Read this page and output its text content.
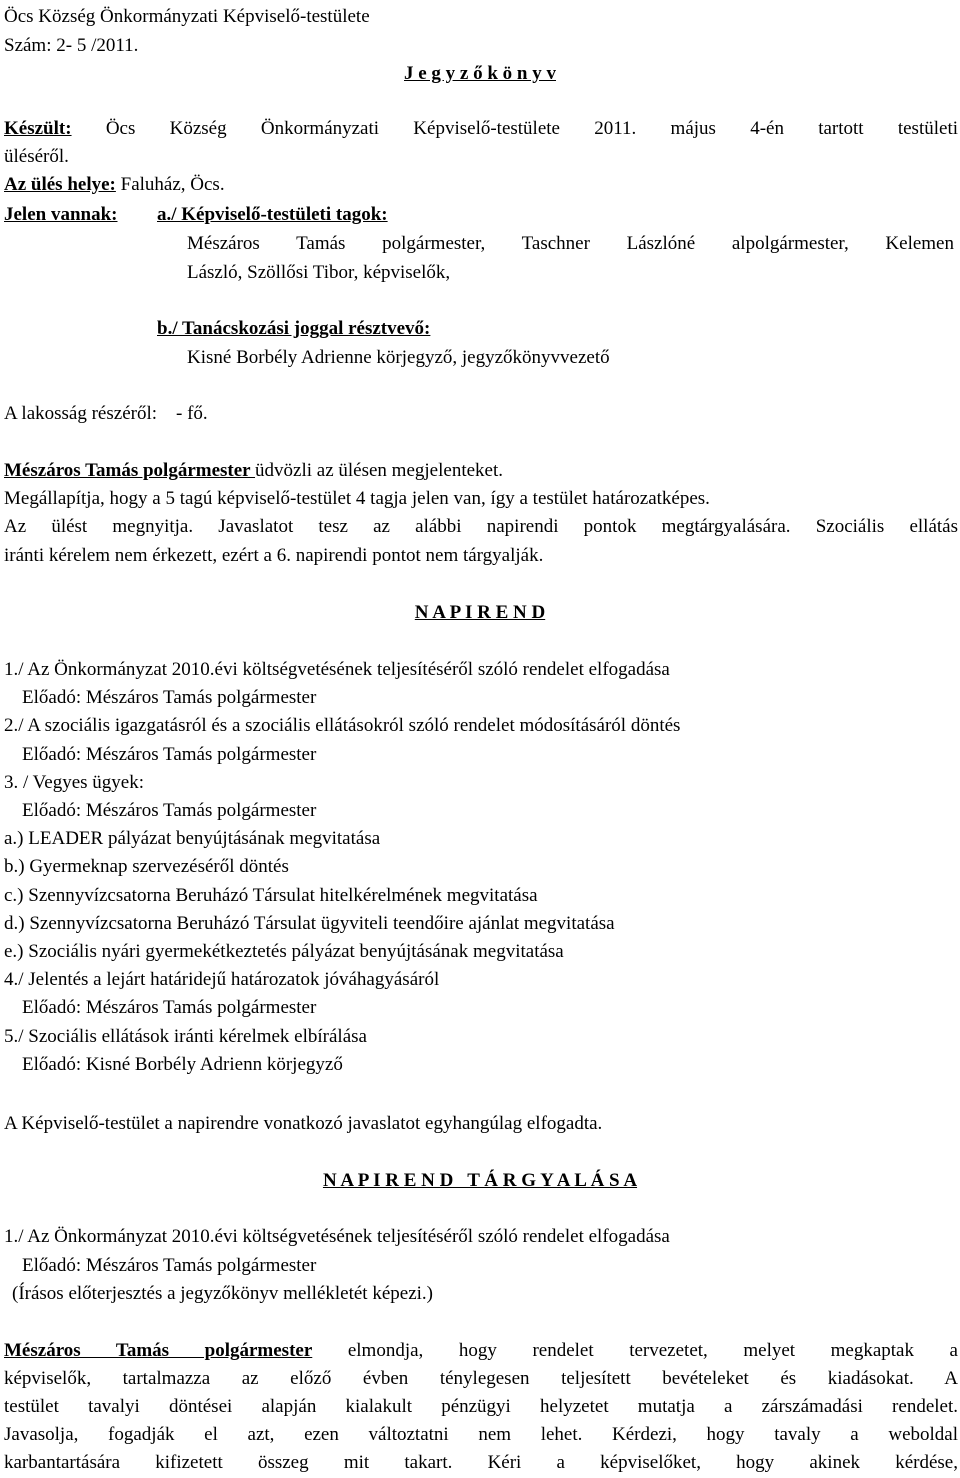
Öcs Község Önkormányzati Képviselő-testülete
Szám: 2- 5 /2011.
J e g y z ő k ö n y v
Készült: Öcs Község Önkormányzati Képviselő-testülete 2011. május 4-én tartott testületi
üléséről.
Az ülés helye: Faluház, Öcs.
Jelen vannak: a./ Képviselő-testületi tagok:
Mészáros Tamás polgármester, Taschner Lászlóné alpolgármester, Kelemen
László, Szöllősi Tibor, képviselők,
b./ Tanácskozási joggal résztvevő:
Kisné Borbély Adrienne körjegyző, jegyzőkönyvvezető
A lakosság részéről:    - fő.
Mészáros Tamás polgármester üdvözli az ülésen megjelenteket.
Megállapítja, hogy a 5 tagú képviselő-testület 4 tagja jelen van, így a testület határozatképes.
Az ülést megnyitja. Javaslatot tesz az alábbi napirendi pontok megtárgyalására. Szociális ellátás
iránti kérelem nem érkezett, ezért a 6. napirendi pontot nem tárgyalják.
N A P I R E N D
1./ Az Önkormányzat 2010.évi költségvetésének teljesítéséről szóló rendelet elfogadása
Előadó: Mészáros Tamás polgármester
2./ A szociális igazgatásról és a szociális ellátásokról szóló rendelet módosításáról döntés
Előadó: Mészáros Tamás polgármester
3. / Vegyes ügyek:
Előadó: Mészáros Tamás polgármester
a.) LEADER pályázat benyújtásának megvitatása
b.) Gyermeknap szervezéséről döntés
c.) Szennyvízcsatorna Beruházó Társulat hitelkérelmének megvitatása
d.) Szennyvízcsatorna Beruházó Társulat ügyviteli teendőire ajánlat megvitatása
e.) Szociális nyári gyermekétkeztetés pályázat benyújtásának megvitatása
4./ Jelentés a lejárt határidejű határozatok jóváhagyásáról
Előadó: Mészáros Tamás polgármester
5./ Szociális ellátások iránti kérelmek elbírálása
Előadó: Kisné Borbély Adrienn körjegyző
A Képviselő-testület a napirendre vonatkozó javaslatot egyhangúlag elfogadta.
N A P I R E N D   T Á R G Y A L Á S A
1./ Az Önkormányzat 2010.évi költségvetésének teljesítéséről szóló rendelet elfogadása
Előadó: Mészáros Tamás polgármester
(Írásos előterjesztés a jegyzőkönyv mellékletét képezi.)
Mészáros Tamás polgármester elmondja, hogy rendelet tervezetet, melyet megkaptak a
képviselők, tartalmazza az előző évben ténylegesen teljesített bevételeket és kiadásokat. A
testület tavalyi döntései alapján kialakult pénzügyi helyzetet mutatja a zárszámadási rendelet.
Javasolja, fogadják el azt, ezen változtatni nem lehet. Kérdezi, hogy tavaly a weboldal
karbantartására kifizetett összeg mit takart. Kéri a képviselőket, hogy akinek kérdése,
